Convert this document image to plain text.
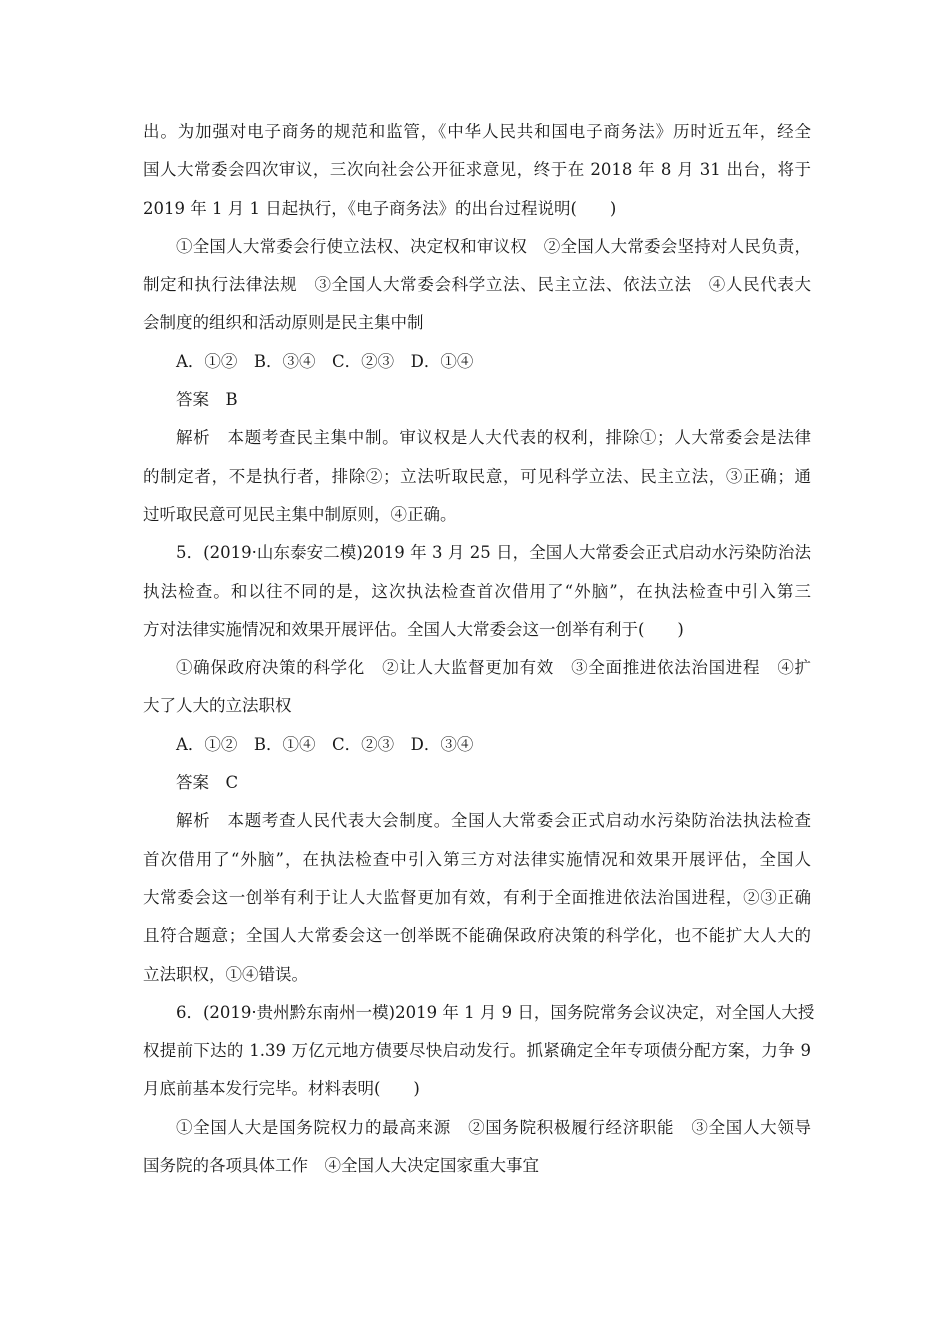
出。为加强对电子商务的规范和监管，《中华人民共和国电子商务法》历时近五年，经全
国人大常委会四次审议，三次向社会公开征求意见，终于在 2018 年 8 月 31 出台，将于
2019 年 1 月 1 日起执行，《电子商务法》的出台过程说明(　　)
①全国人大常委会行使立法权、决定权和审议权　②全国人大常委会坚持对人民负责，
制定和执行法律法规　③全国人大常委会科学立法、民主立法、依法立法　④人民代表大
会制度的组织和活动原则是民主集中制
A．①②　B．③④　C．②③　D．①④
答案　B
解析　本题考查民主集中制。审议权是人大代表的权利，排除①；人大常委会是法律
的制定者，不是执行者，排除②；立法听取民意，可见科学立法、民主立法，③正确；通
过听取民意可见民主集中制原则，④正确。
5．(2019·山东泰安二模)2019 年 3 月 25 日，全国人大常委会正式启动水污染防治法
执法检查。和以往不同的是，这次执法检查首次借用了“外脑”，在执法检查中引入第三
方对法律实施情况和效果开展评估。全国人大常委会这一创举有利于(　　)
①确保政府决策的科学化　②让人大监督更加有效　③全面推进依法治国进程　④扩
大了人大的立法职权
A．①②　B．①④　C．②③　D．③④
答案　C
解析　本题考查人民代表大会制度。全国人大常委会正式启动水污染防治法执法检查
首次借用了“外脑”，在执法检查中引入第三方对法律实施情况和效果开展评估，全国人
大常委会这一创举有利于让人大监督更加有效，有利于全面推进依法治国进程，②③正确
且符合题意；全国人大常委会这一创举既不能确保政府决策的科学化，也不能扩大人大的
立法职权，①④错误。
6．(2019·贵州黔东南州一模)2019 年 1 月 9 日，国务院常务会议决定，对全国人大授
权提前下达的 1.39 万亿元地方债要尽快启动发行。抓紧确定全年专项债分配方案，力争 9
月底前基本发行完毕。材料表明(　　)
①全国人大是国务院权力的最高来源　②国务院积极履行经济职能　③全国人大领导
国务院的各项具体工作　④全国人大决定国家重大事宜
